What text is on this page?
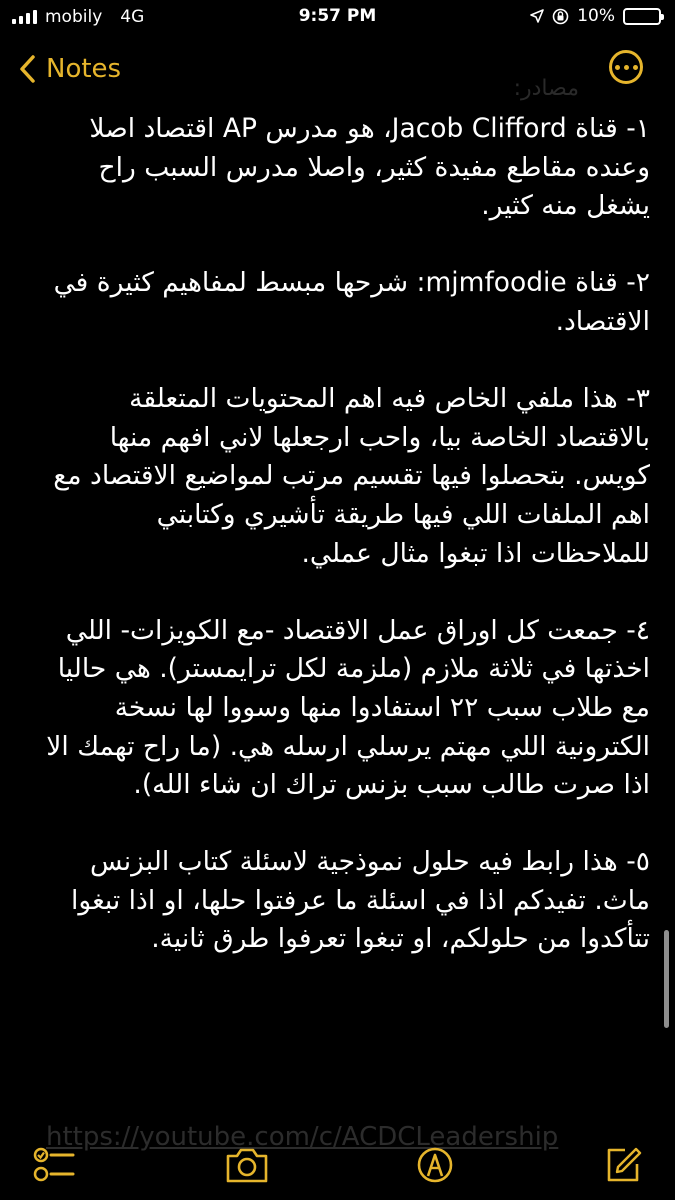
mobily 4G	9:57 PM	10%
Notes
مصادر:

١- قناة Jacob Clifford، هو مدرس AP اقتصاد اصلا وعنده مقاطع مفيدة كثير، واصلا مدرس السبب راح يشغل منه كثير.

٢- قناة mjmfoodie: شرحها مبسط لمفاهيم كثيرة في الاقتصاد.

٣- هذا ملفي الخاص فيه اهم المحتويات المتعلقة بالاقتصاد الخاصة بيا، واحب ارجعلها لاني افهم منها كويس. بتحصلوا فيها تقسيم مرتب لمواضيع الاقتصاد مع اهم الملفات اللي فيها طريقة تأشيري وكتابتي للملاحظات اذا تبغوا مثال عملي.

٤- جمعت كل اوراق عمل الاقتصاد -مع الكويزات- اللي اخذتها في ثلاثة ملازم (ملزمة لكل ترايمستر). هي حاليا مع طلاب سبب ٢٢ استفادوا منها وسووا لها نسخة الكترونية اللي مهتم يرسلي ارسله هي. (ما راح تهمك الا اذا صرت طالب سبب بزنس تراك ان شاء الله).

٥- هذا رابط فيه حلول نموذجية لاسئلة كتاب البزنس ماث. تفيدكم اذا في اسئلة ما عرفتوا حلها، او اذا تبغوا تتأكدوا من حلولكم، او تبغوا تعرفوا طرق ثانية.

https://youtube.com/c/ACDCLeadership
